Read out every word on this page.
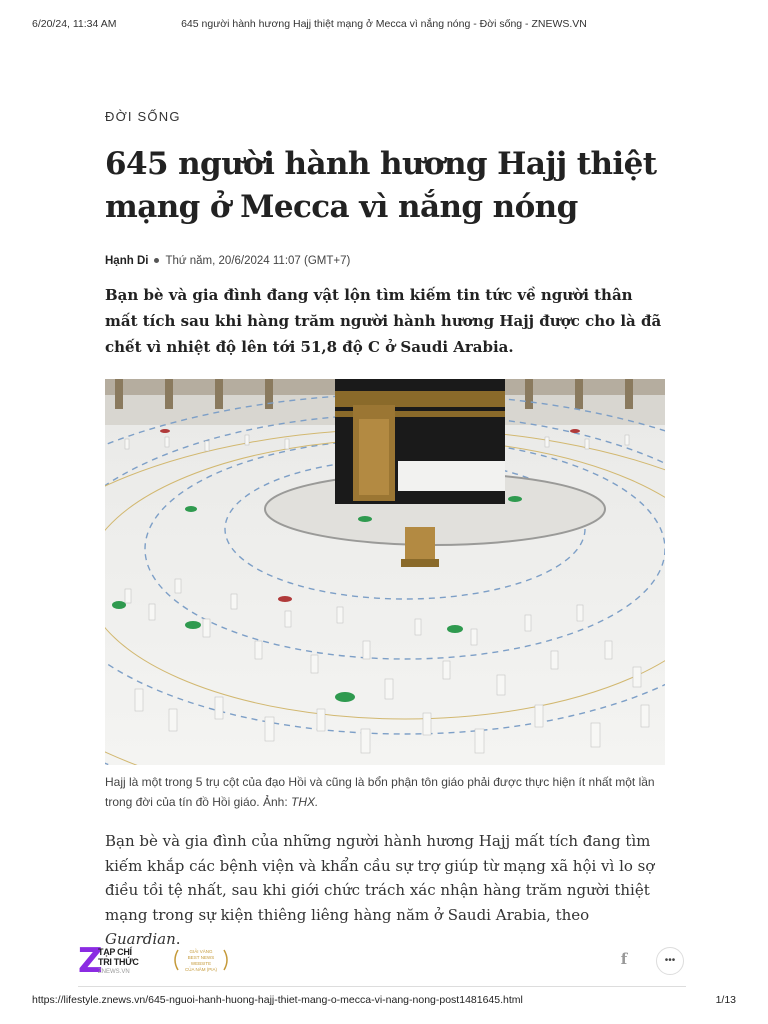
6/20/24, 11:34 AM	645 người hành hương Hajj thiệt mạng ở Mecca vì nắng nóng - Đời sống - ZNEWS.VN
ĐỜI SỐNG
645 người hành hương Hajj thiệt
mạng ở Mecca vì nắng nóng
Hạnh Di Thứ năm, 20/6/2024 11:07 (GMT+7)

Bạn bè và gia đình đang vật lộn tìm kiếm tin tức về người thân mất tích sau khi hàng trăm người hành hương Hajj được cho là đã chết vì nhiệt độ lên tới 51,8 độ C ở Saudi Arabia.

Hajj là một trong 5 trụ cột của đạo Hồi và cũng là bổn phận tôn giáo phải được thực hiện ít nhất một lần trong đời của tín đồ Hồi giáo. Ảnh: THX.

Bạn bè và gia đình của những người hành hương Hajj mất tích đang tìm kiếm khắp các bệnh viện và khẩn cầu sự trợ giúp từ mạng xã hội vì lo sợ điều tồi tệ nhất, sau khi giới chức trách xác nhận hàng trăm người thiệt mạng trong sự kiện thiêng liêng hàng năm ở Saudi Arabia, theo Guardian.

Z
TẠP CHÍ
TRI THỨC
ZNEWS.VN
GIẢI VÀNG
BEST NEWS WEBSITE
CỦA NĂM (PIA)
f	•••
https://lifestyle.znews.vn/645-nguoi-hanh-huong-hajj-thiet-mang-o-mecca-vi-nang-nong-post1481645.html	1/13
